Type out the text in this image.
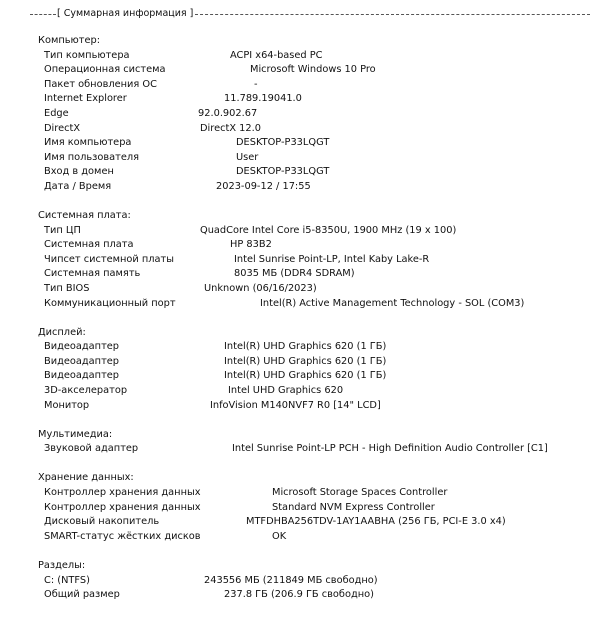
[ Суммарная информация ]
Компьютер:
Тип компьютера	ACPI x64-based PC
Операционная система	Microsoft Windows 10 Pro
Пакет обновления ОС	-
Internet Explorer	11.789.19041.0
Edge	92.0.902.67
DirectX	DirectX 12.0
Имя компьютера	DESKTOP-P33LQGT
Имя пользователя	User
Вход в домен	DESKTOP-P33LQGT
Дата / Время	2023-09-12 / 17:55
Системная плата:
Тип ЦП	QuadCore Intel Core i5-8350U, 1900 MHz (19 x 100)
Системная плата	HP 83B2
Чипсет системной платы	Intel Sunrise Point-LP, Intel Kaby Lake-R
Системная память	8035 МБ (DDR4 SDRAM)
Тип BIOS	Unknown (06/16/2023)
Коммуникационный порт	Intel(R) Active Management Technology - SOL (COM3)
Дисплей:
Видеоадаптер	Intel(R) UHD Graphics 620 (1 ГБ)
Видеоадаптер	Intel(R) UHD Graphics 620 (1 ГБ)
Видеоадаптер	Intel(R) UHD Graphics 620 (1 ГБ)
3D-акселератор	Intel UHD Graphics 620
Монитор	InfoVision M140NVF7 R0 [14" LCD]
Мультимедиа:
Звуковой адаптер	Intel Sunrise Point-LP PCH - High Definition Audio Controller [C1]
Хранение данных:
Контроллер хранения данных	Microsoft Storage Spaces Controller
Контроллер хранения данных	Standard NVM Express Controller
Дисковый накопитель	MTFDHBA256TDV-1AY1AABHA (256 ГБ, PCI-E 3.0 x4)
SMART-статус жёстких дисков	OK
Разделы:
C: (NTFS)	243556 МБ (211849 МБ свободно)
Общий размер	237.8 ГБ (206.9 ГБ свободно)
